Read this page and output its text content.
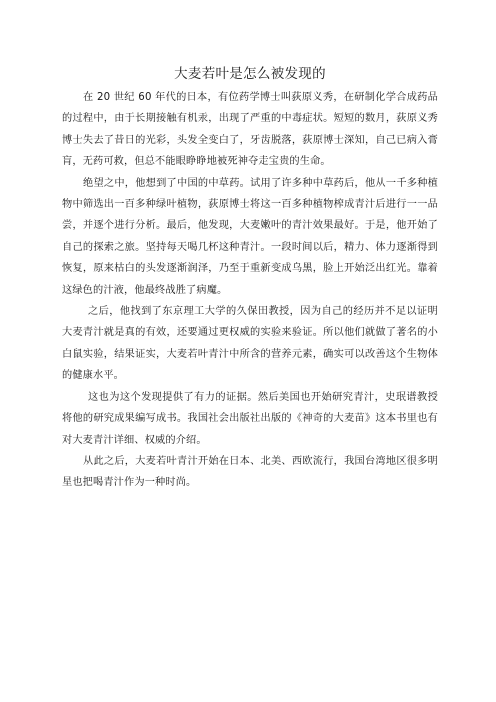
大麦若叶是怎么被发现的

在 20 世纪 60 年代的日本，有位药学博士叫荻原义秀，在研制化学合成药品的过程中，由于长期接触有机汞，出现了严重的中毒症状。短短的数月，荻原义秀博士失去了昔日的光彩，头发全变白了，牙齿脱落，荻原博士深知，自己已病入膏肓，无药可救，但总不能眼睁睁地被死神夺走宝贵的生命。

绝望之中，他想到了中国的中草药。试用了许多种中草药后，他从一千多种植物中筛选出一百多种绿叶植物，荻原博士将这一百多种植物榨成青汁后进行一一品尝，并逐个进行分析。最后，他发现，大麦嫩叶的青汁效果最好。于是，他开始了自己的探索之旅。坚持每天喝几杯这种青汁。一段时间以后，精力、体力逐渐得到恢复，原来枯白的头发逐渐润泽，乃至于重新变成乌黑，脸上开始泛出红光。靠着这绿色的汁液，他最终战胜了病魔。

之后，他找到了东京理工大学的久保田教授，因为自己的经历并不足以证明大麦青汁就是真的有效，还要通过更权威的实验来验证。所以他们就做了著名的小白鼠实验，结果证实，大麦若叶青汁中所含的营养元素，确实可以改善这个生物体的健康水平。

这也为这个发现提供了有力的证据。然后美国也开始研究青汁，史珉谱教授将他的研究成果编写成书。我国社会出版社出版的《神奇的大麦苗》这本书里也有对大麦青汁详细、权威的介绍。

从此之后，大麦若叶青汁开始在日本、北美、西欧流行，我国台湾地区很多明星也把喝青汁作为一种时尚。
